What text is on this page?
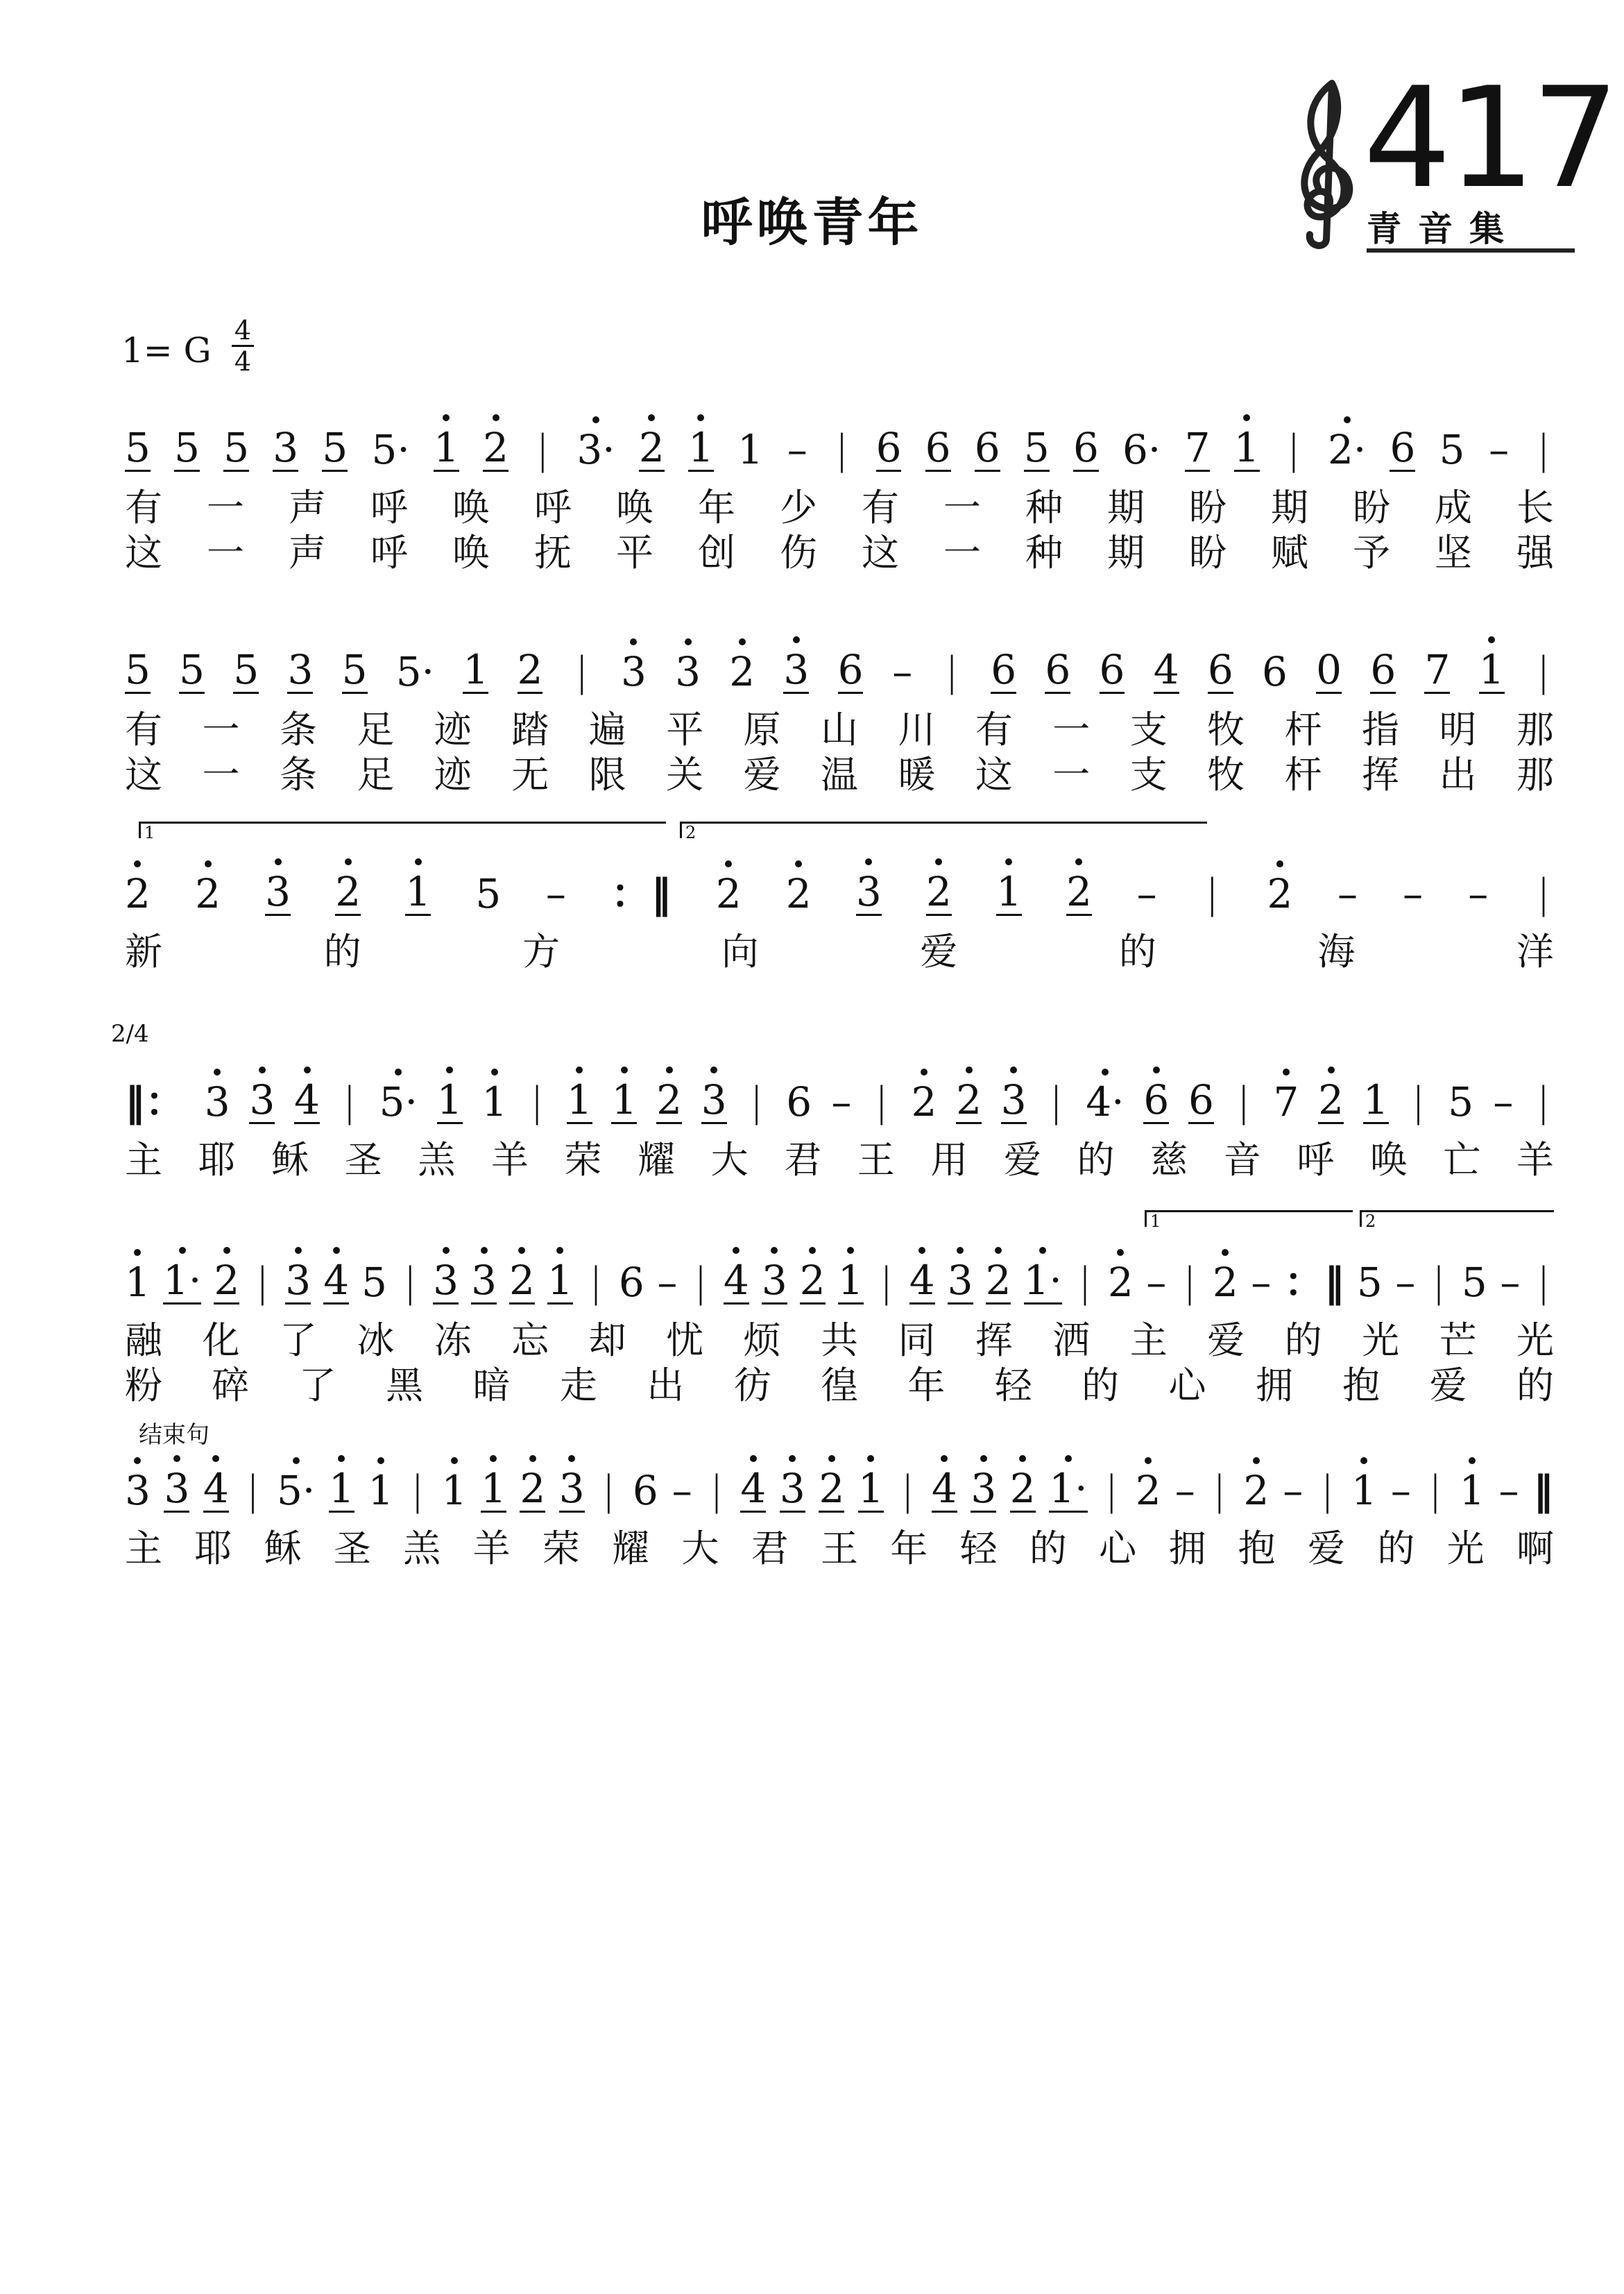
呼唤青年
417
青音集
1= G 4
4
5 5 5 3 5 5· 1 2 | 3· 2 1 1 – | 6 6 6 5 6 6· 7 1 | 2· 6 5 – |
有 一 声 呼 唤 呼 唤 年 少 有 一 种 期 盼 期 盼 成 长
这 一 声 呼 唤 抚 平 创 伤 这 一 种 期 盼 赋 予 坚 强
5 5 5 3 5 5· 1 2 | 3 3 2 3 6 – | 6 6 6 4 6 6 0 6 7 1 |
有 一 条 足 迹 踏 遍 平 原 山 川 有 一 支 牧 杆 指 明 那
这 一 条 足 迹 无 限 关 爱 温 暖 这 一 支 牧 杆 挥 出 那
1	2
2 2 3 2 1 5 – ：‖ 2 2 3 2 1 2 – | 2 – – – |
新	的	方	向	爱	的	海	洋
2/4
‖： 3 3 4 | 5· 1 1 | 1 1 2 3 | 6 – | 2 2 3 | 4· 6 6 | 7 2 1 | 5 – |
主 耶 稣 圣 羔 羊 荣 耀 大 君 王 用 爱 的 慈 音 呼 唤 亡 羊
1	2
1 1· 2 | 3 4 5 | 3 3 2 1 | 6 – | 4 3 2 1 | 4 3 2 1· | 2 – | 2 – ：‖ 5 – | 5 – |
融 化 了 冰 冻 忘 却 忧 烦 共 同 挥 洒 主 爱 的 光 芒 光
粉 碎 了 黑 暗 走 出 彷 徨 年 轻 的 心 拥 抱 爱 的
结束句
3 3 4 | 5· 1 1 | 1 1 2 3 | 6 – | 4 3 2 1 | 4 3 2 1· | 2 – | 2 – | 1 – | 1 – ‖
主 耶 稣 圣 羔 羊 荣 耀 大 君 王 年 轻 的 心 拥 抱 爱 的 光 啊
